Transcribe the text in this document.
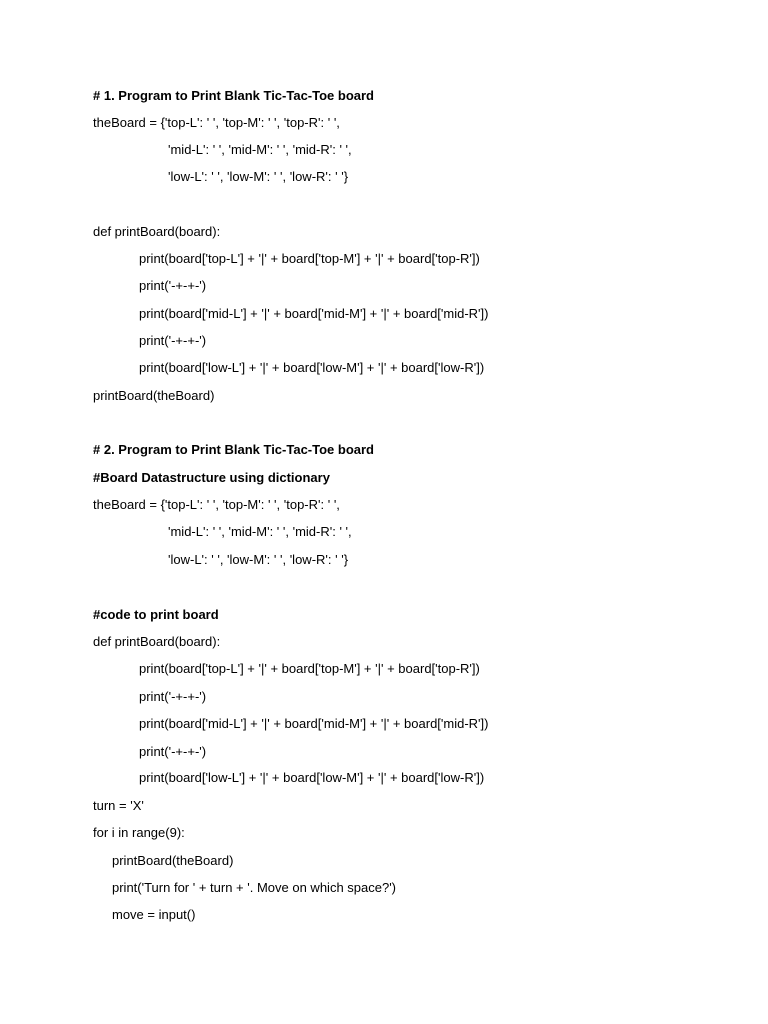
# 1. Program to Print Blank Tic-Tac-Toe board
theBoard = {'top-L': ' ', 'top-M': ' ', 'top-R': ' ',
'mid-L': ' ', 'mid-M': ' ', 'mid-R': ' ',
'low-L': ' ', 'low-M': ' ', 'low-R': ' '}
def printBoard(board):
print(board['top-L'] + '|' + board['top-M'] + '|' + board['top-R'])
print('-+-+-')
print(board['mid-L'] + '|' + board['mid-M'] + '|' + board['mid-R'])
print('-+-+-')
print(board['low-L'] + '|' + board['low-M'] + '|' + board['low-R'])
printBoard(theBoard)
# 2. Program to Print Blank Tic-Tac-Toe board
#Board Datastructure using dictionary
theBoard = {'top-L': ' ', 'top-M': ' ', 'top-R': ' ',
'mid-L': ' ', 'mid-M': ' ', 'mid-R': ' ',
'low-L': ' ', 'low-M': ' ', 'low-R': ' '}
#code to print board
def printBoard(board):
print(board['top-L'] + '|' + board['top-M'] + '|' + board['top-R'])
print('-+-+-')
print(board['mid-L'] + '|' + board['mid-M'] + '|' + board['mid-R'])
print('-+-+-')
print(board['low-L'] + '|' + board['low-M'] + '|' + board['low-R'])
turn = 'X'
for i in range(9):
printBoard(theBoard)
print('Turn for ' + turn + '. Move on which space?')
move = input()
